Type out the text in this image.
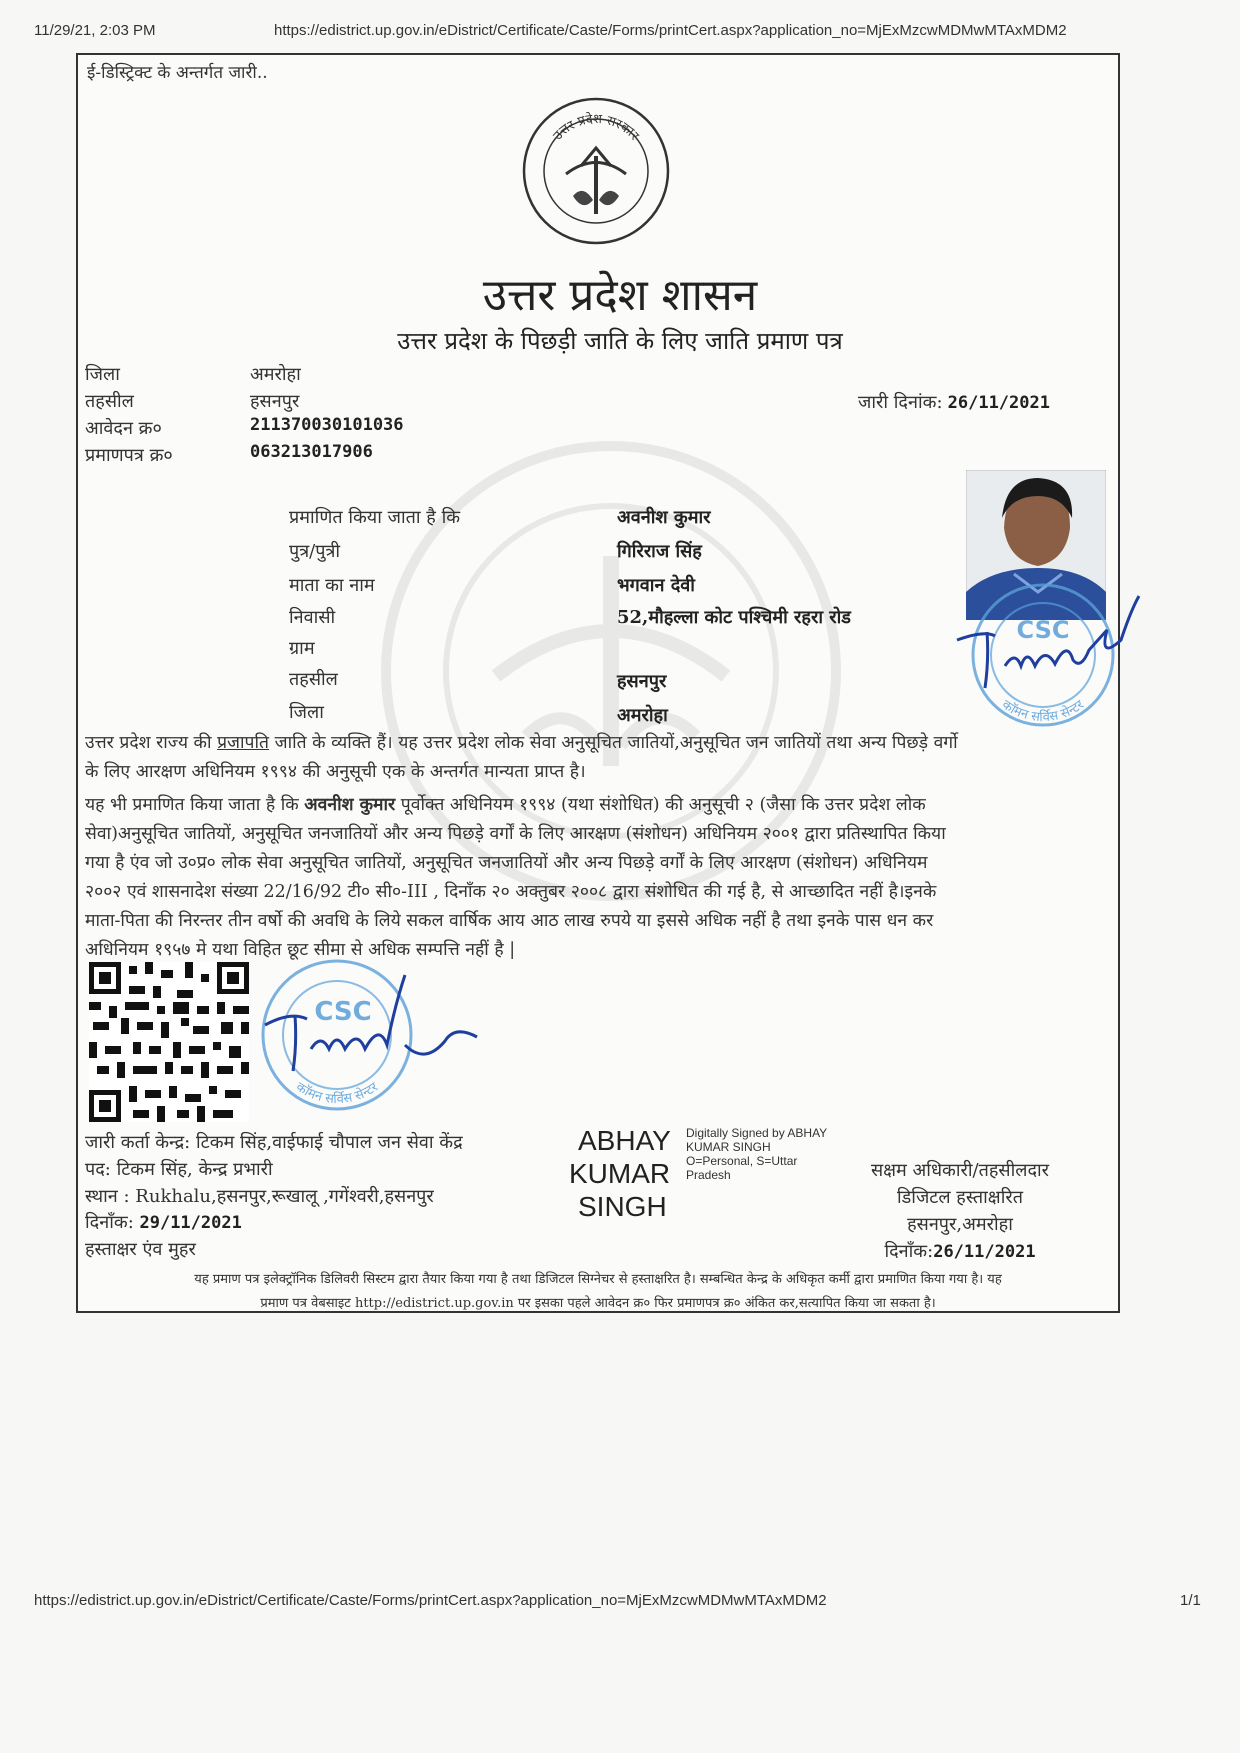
11/29/21, 2:03 PM	https://edistrict.up.gov.in/eDistrict/Certificate/Caste/Forms/printCert.aspx?application_no=MjExMzcwMDMwMTAxMDM2
ई-डिस्ट्रिक्ट के अन्तर्गत जारी..
उत्तर प्रदेश सरकार
उत्तर प्रदेश शासन
उत्तर प्रदेश के पिछड़ी जाति के लिए जाति प्रमाण पत्र
जिला	अमरोहा
तहसील	हसनपुर
आवेदन क्र०	211370030101036
प्रमाणपत्र क्र०	063213017906
जारी दिनांक: 26/11/2021
प्रमाणित किया जाता है कि	अवनीश कुमार
पुत्र/पुत्री	गिरिराज सिंह
माता का नाम	भगवान देवी
निवासी	52,मौहल्ला कोट पश्चिमी रहरा रोड
ग्राम
तहसील	हसनपुर
जिला	अमरोहा
CSC
कॉमन सर्विस सेन्टर
उत्तर प्रदेश राज्य की प्रजापति जाति के व्यक्ति हैं। यह उत्तर प्रदेश लोक सेवा अनुसूचित जातियों,अनुसूचित जन जातियों तथा अन्य पिछड़े वर्गो
के लिए आरक्षण अधिनियम १९९४ की अनुसूची एक के अन्तर्गत मान्यता प्राप्त है।
यह भी प्रमाणित किया जाता है कि अवनीश कुमार पूर्वोक्त अधिनियम १९९४ (यथा संशोधित) की अनुसूची २ (जैसा कि उत्तर प्रदेश लोक
सेवा)अनुसूचित जातियों, अनुसूचित जनजातियों और अन्य पिछड़े वर्गों के लिए आरक्षण (संशोधन) अधिनियम २००१ द्वारा प्रतिस्थापित किया
गया है एंव जो उ०प्र० लोक सेवा अनुसूचित जातियों, अनुसूचित जनजातियों और अन्य पिछड़े वर्गों के लिए आरक्षण (संशोधन) अधिनियम
२००२ एवं शासनादेश संख्या 22/16/92 टी० सी०-III , दिनाँक २० अक्तुबर २००८ द्वारा संशोधित की गई है, से आच्छादित नहीं है।इनके
माता-पिता की निरन्तर तीन वर्षो की अवधि के लिये सकल वार्षिक आय आठ लाख रुपये या इससे अधिक नहीं है तथा इनके पास धन कर
अधिनियम १९५७ मे यथा विहित छूट सीमा से अधिक सम्पत्ति नहीं है |
CSC
कॉमन सर्विस सेन्टर
जारी कर्ता केन्द्र: टिकम सिंह,वाईफाई चौपाल जन सेवा केंद्र
पद: टिकम सिंह, केन्द्र प्रभारी
स्थान : Rukhalu,हसनपुर,रूखालू ,गगेंश्वरी,हसनपुर
दिनाँक: 29/11/2021
हस्ताक्षर एंव मुहर
ABHAY
KUMAR
SINGH
Digitally Signed by ABHAY
KUMAR SINGH
O=Personal, S=Uttar
Pradesh	सक्षम अधिकारी/तहसीलदार
डिजिटल हस्ताक्षरित
हसनपुर,अमरोहा
दिनाँक:26/11/2021
यह प्रमाण पत्र इलेक्ट्रॉनिक डिलिवरी सिस्टम द्वारा तैयार किया गया है तथा डिजिटल सिग्नेचर से हस्ताक्षरित है। सम्बन्धित केन्द्र के अधिकृत कर्मी द्वारा प्रमाणित किया गया है। यह
प्रमाण पत्र वेबसाइट http://edistrict.up.gov.in पर इसका पहले आवेदन क्र० फिर प्रमाणपत्र क्र० अंकित कर,सत्यापित किया जा सकता है।
https://edistrict.up.gov.in/eDistrict/Certificate/Caste/Forms/printCert.aspx?application_no=MjExMzcwMDMwMTAxMDM2	1/1
